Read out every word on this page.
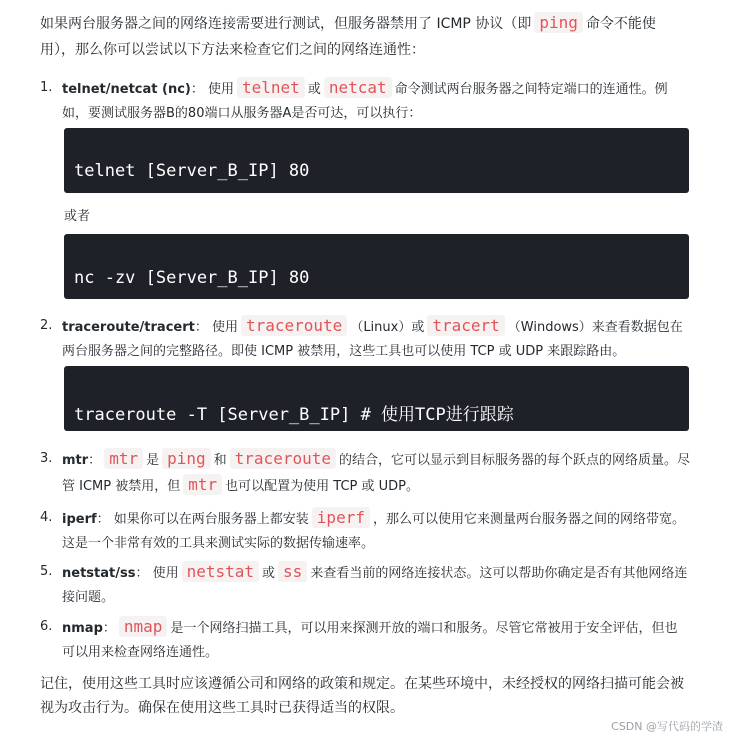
如果两台服务器之间的网络连接需要进行测试，但服务器禁用了 ICMP 协议（即 ping 命令不能使用），那么你可以尝试以下方法来检查它们之间的网络连通性：
1. telnet/netcat (nc)： 使用 telnet 或 netcat 命令测试两台服务器之间特定端口的连通性。例如，要测试服务器B的80端口从服务器A是否可达，可以执行：
telnet [Server_B_IP] 80
或者
nc -zv [Server_B_IP] 80
2. traceroute/tracert： 使用 traceroute （Linux）或 tracert （Windows）来查看数据包在两台服务器之间的完整路径。即使 ICMP 被禁用，这些工具也可以使用 TCP 或 UDP 来跟踪路由。
traceroute -T [Server_B_IP] # 使用TCP进行跟踪
3. mtr： mtr 是 ping 和 traceroute 的结合，它可以显示到目标服务器的每个跃点的网络质量。尽管 ICMP 被禁用，但 mtr 也可以配置为使用 TCP 或 UDP。
4. iperf： 如果你可以在两台服务器上都安装 iperf ，那么可以使用它来测量两台服务器之间的网络带宽。这是一个非常有效的工具来测试实际的数据传输速率。
5. netstat/ss： 使用 netstat 或 ss 来查看当前的网络连接状态。这可以帮助你确定是否有其他网络连接问题。
6. nmap： nmap 是一个网络扫描工具，可以用来探测开放的端口和服务。尽管它常被用于安全评估，但也可以用来检查网络连通性。
记住，使用这些工具时应该遵循公司和网络的政策和规定。在某些环境中，未经授权的网络扫描可能会被视为攻击行为。确保在使用这些工具时已获得适当的权限。
CSDN @写代码的学渣
